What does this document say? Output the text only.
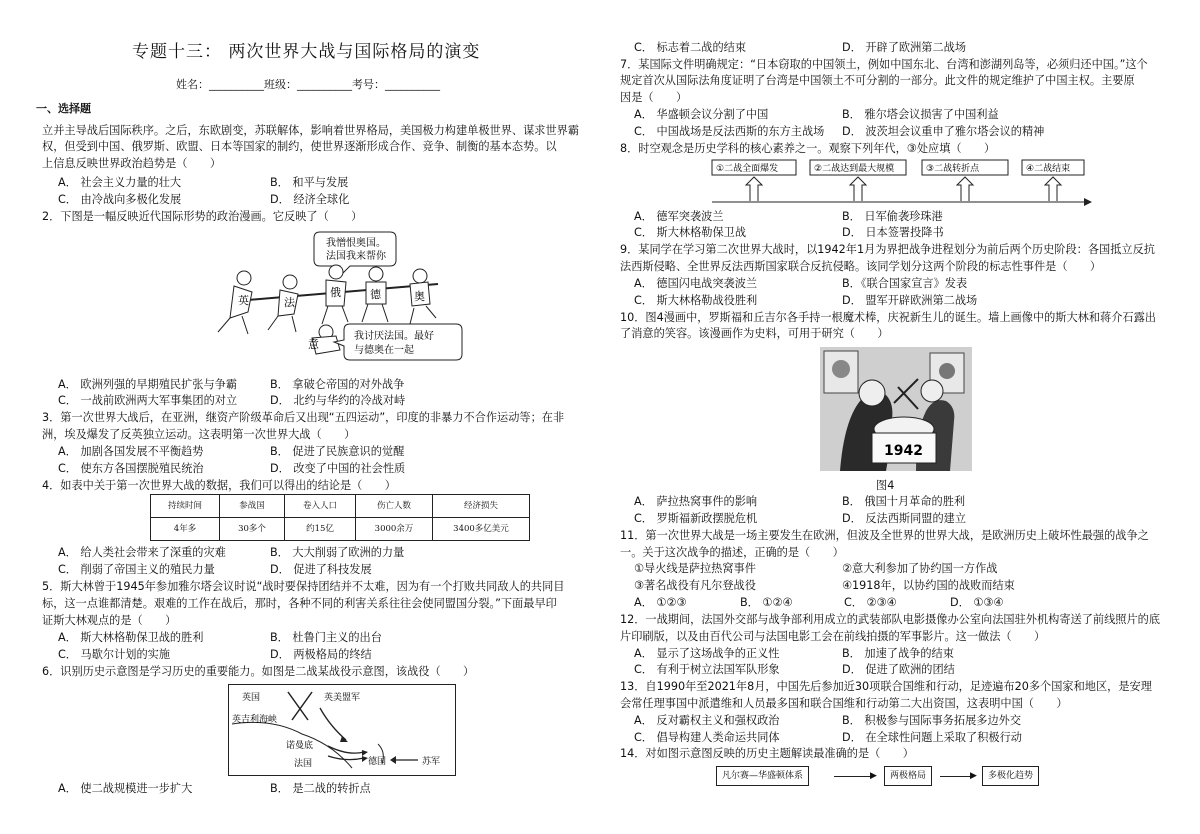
专题十三： 两次世界大战与国际格局的演变
姓名：__________班级：__________考号：__________
一、选择题
立并主导战后国际秩序。之后，东欧剧变，苏联解体，影响着世界格局，美国极力构建单极世界、谋求世界霸
权，但受到中国、俄罗斯、欧盟、日本等国家的制约，使世界逐渐形成合作、竞争、制衡的基本态势。以
上信息反映世界政治趋势是（　　）
A． 社会主义力量的壮大	B． 和平与发展
C． 由冷战向多极化发展	D． 经济全球化
2．下图是一幅反映近代国际形势的政治漫画。它反映了（　　）
我憎恨奥国。
法国我来帮你
英	法
俄	德	奥
意
我讨厌法国。最好
与德奥在一起
A． 欧洲列强的早期殖民扩张与争霸	B． 拿破仑帝国的对外战争
C． 一战前欧洲两大军事集团的对立	D． 北约与华约的冷战对峙
3．第一次世界大战后，在亚洲，继资产阶级革命后又出现“五四运动”，印度的非暴力不合作运动等；在非
洲，埃及爆发了反英独立运动。这表明第一次世界大战（　　）
A． 加剧各国发展不平衡趋势	B． 促进了民族意识的觉醒
C． 使东方各国摆脱殖民统治	D． 改变了中国的社会性质
4．如表中关于第一次世界大战的数据，我们可以得出的结论是（　　）
持续时间	参战国	卷入人口	伤亡人数	经济损失
4年多	30多个	约15亿	3000余万	3400多亿美元
A． 给人类社会带来了深重的灾难	B． 大大削弱了欧洲的力量
C． 削弱了帝国主义的殖民力量	D． 促进了科技发展
5．斯大林曾于1945年参加雅尔塔会议时说“战时要保持团结并不太难，因为有一个打败共同敌人的共同目
标，这一点谁都清楚。艰难的工作在战后，那时，各种不同的利害关系往往会使同盟国分裂。”下面最早印
证斯大林观点的是（　　）
A． 斯大林格勒保卫战的胜利	B． 杜鲁门主义的出台
C． 马歇尔计划的实施	D． 两极格局的终结
6．识别历史示意图是学习历史的重要能力。如图是二战某战役示意图，该战役（　　）
英国	英美盟军
英吉利海峡
诺曼底
法国	德国	苏军
A． 使二战规模进一步扩大	B． 是二战的转折点
C． 标志着二战的结束	D． 开辟了欧洲第二战场
7．某国际文件明确规定：“日本窃取的中国领土，例如中国东北、台湾和澎湖列岛等，必须归还中国。”这个
规定首次从国际法角度证明了台湾是中国领土不可分割的一部分。此文件的规定维护了中国主权。主要原
因是（　　）
A． 华盛顿会议分割了中国	B． 雅尔塔会议损害了中国利益
C． 中国战场是反法西斯的东方主战场 D． 波茨坦会议重申了雅尔塔会议的精神
8．时空观念是历史学科的核心素养之一。观察下列年代，③处应填（　　）
①二战全面爆发	②二战达到最大规模	③二战转折点	④二战结束
A． 德军突袭波兰	B． 日军偷袭珍珠港
C． 斯大林格勒保卫战	D． 日本签署投降书
9．某同学在学习第二次世界大战时，以1942年1月为界把战争进程划分为前后两个历史阶段：各国抵立反抗
法西斯侵略、全世界反法西斯国家联合反抗侵略。该同学划分这两个阶段的标志性事件是（　　）
A． 德国闪电战突袭波兰	B．《联合国家宣言》发表
C． 斯大林格勒战役胜利	D． 盟军开辟欧洲第二战场
10．图4漫画中，罗斯福和丘吉尔各手持一根魔术棒，庆祝新生儿的诞生。墙上画像中的斯大林和蒋介石露出
了消意的笑容。该漫画作为史料，可用于研究（　　）
1942
图4
A． 萨拉热窝事件的影响	B． 俄国十月革命的胜利
C． 罗斯福新政摆脱危机	D． 反法西斯同盟的建立
11．第一次世界大战是一场主要发生在欧洲，但波及全世界的世界大战，是欧洲历史上破坏性最强的战争之
一。关于这次战争的描述，正确的是（　　）
①导火线是萨拉热窝事件	②意大利参加了协约国一方作战
③著名战役有凡尔登战役	④1918年，以协约国的战败而结束
A． ①②③	B． ①②④	C． ②③④	D． ①③④
12．一战期间，法国外交部与战争部利用成立的武装部队电影摄像办公室向法国驻外机构寄送了前线照片的底
片印刷版，以及由百代公司与法国电影工会在前线拍摄的军事影片。这一做法（　　）
A． 显示了这场战争的正义性	B． 加速了战争的结束
C． 有利于树立法国军队形象	D． 促进了欧洲的团结
13．自1990年至2021年8月，中国先后参加近30项联合国维和行动，足迹遍布20多个国家和地区，是安理
会常任理事国中派遣维和人员最多国和联合国维和行动第二大出资国，这表明中国（　　）
A． 反对霸权主义和强权政治	B． 积极参与国际事务拓展多边外交
C． 倡导构建人类命运共同体	D． 在全球性问题上采取了积极行动
14．对如图示意图反映的历史主题解读最准确的是（　　）
凡尔赛—华盛顿体系	▶	两极格局	▶	多极化趋势
